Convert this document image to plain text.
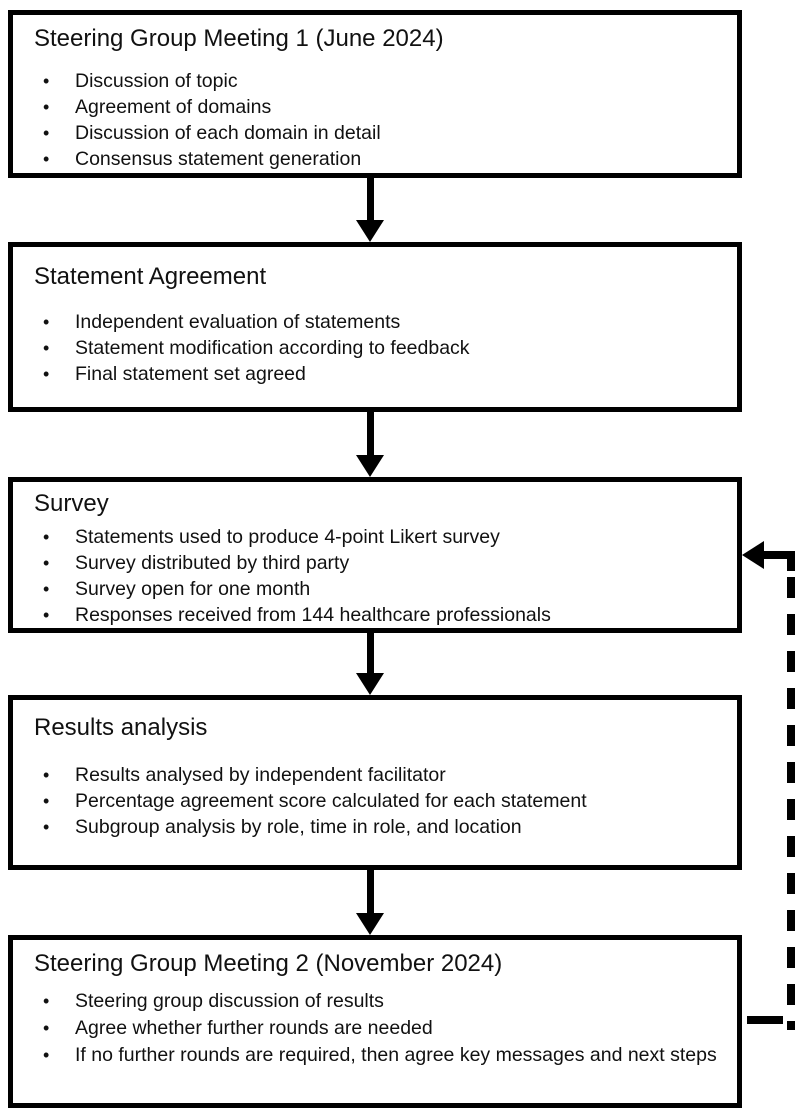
Steering Group Meeting 1 (June 2024)
• Discussion of topic
• Agreement of domains
• Discussion of each domain in detail
• Consensus statement generation
Statement Agreement
• Independent evaluation of statements
• Statement modification according to feedback
• Final statement set agreed
Survey
• Statements used to produce 4-point Likert survey
• Survey distributed by third party
• Survey open for one month
• Responses received from 144 healthcare professionals
Results analysis
• Results analysed by independent facilitator
• Percentage agreement score calculated for each statement
• Subgroup analysis by role, time in role, and location
Steering Group Meeting 2 (November 2024)
• Steering group discussion of results
• Agree whether further rounds are needed
• If no further rounds are required, then agree key messages and next steps
